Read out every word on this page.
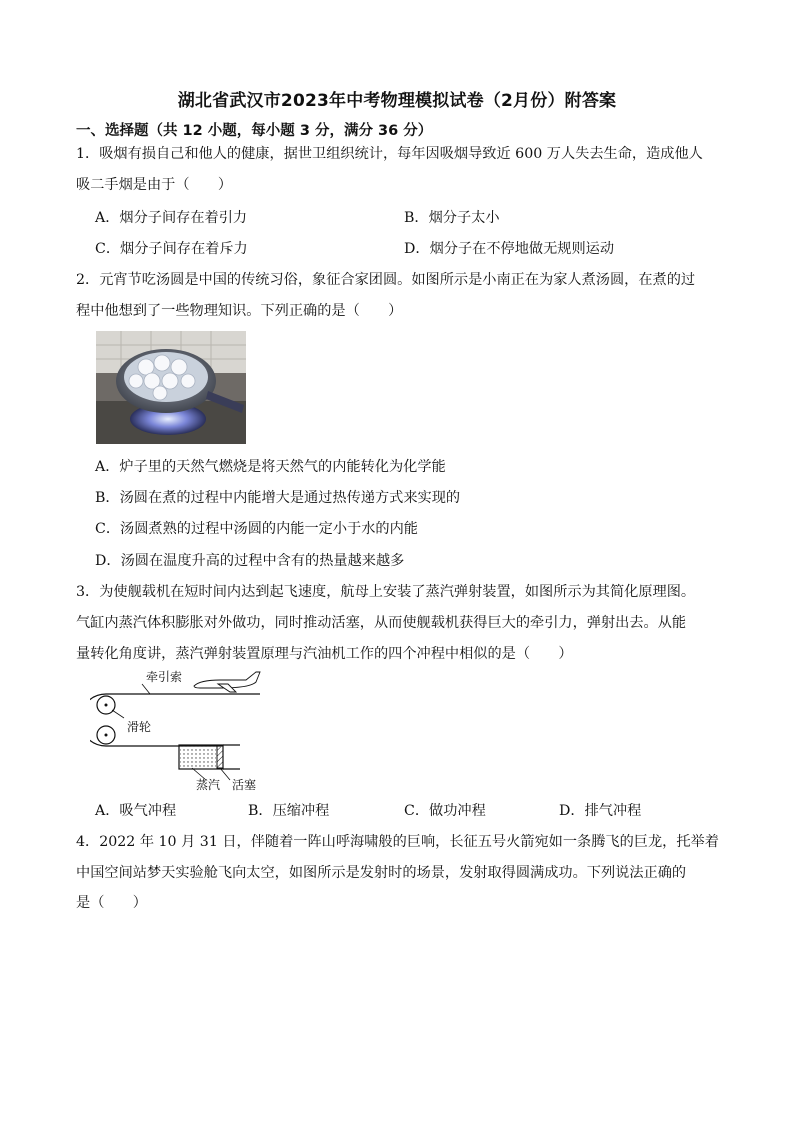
湖北省武汉市2023年中考物理模拟试卷（2月份）附答案
一、选择题（共 12 小题，每小题 3 分，满分 36 分）
1．吸烟有损自己和他人的健康，据世卫组织统计，每年因吸烟导致近 600 万人失去生命，造成他人
吸二手烟是由于（　　）
A．烟分子间存在着引力	B．烟分子太小
C．烟分子间存在着斥力	D．烟分子在不停地做无规则运动
2．元宵节吃汤圆是中国的传统习俗，象征合家团圆。如图所示是小南正在为家人煮汤圆，在煮的过
程中他想到了一些物理知识。下列正确的是（　　）
A．炉子里的天然气燃烧是将天然气的内能转化为化学能
B．汤圆在煮的过程中内能增大是通过热传递方式来实现的
C．汤圆煮熟的过程中汤圆的内能一定小于水的内能
D．汤圆在温度升高的过程中含有的热量越来越多
3．为使舰载机在短时间内达到起飞速度，航母上安装了蒸汽弹射装置，如图所示为其简化原理图。
气缸内蒸汽体积膨胀对外做功，同时推动活塞，从而使舰载机获得巨大的牵引力，弹射出去。从能
量转化角度讲，蒸汽弹射装置原理与汽油机工作的四个冲程中相似的是（　　）
牵引索
滑轮
蒸汽 活塞
A．吸气冲程	B．压缩冲程	C．做功冲程	D．排气冲程
4．2022 年 10 月 31 日，伴随着一阵山呼海啸般的巨响，长征五号火箭宛如一条腾飞的巨龙，托举着
中国空间站梦天实验舱飞向太空，如图所示是发射时的场景，发射取得圆满成功。下列说法正确的
是（　　）
